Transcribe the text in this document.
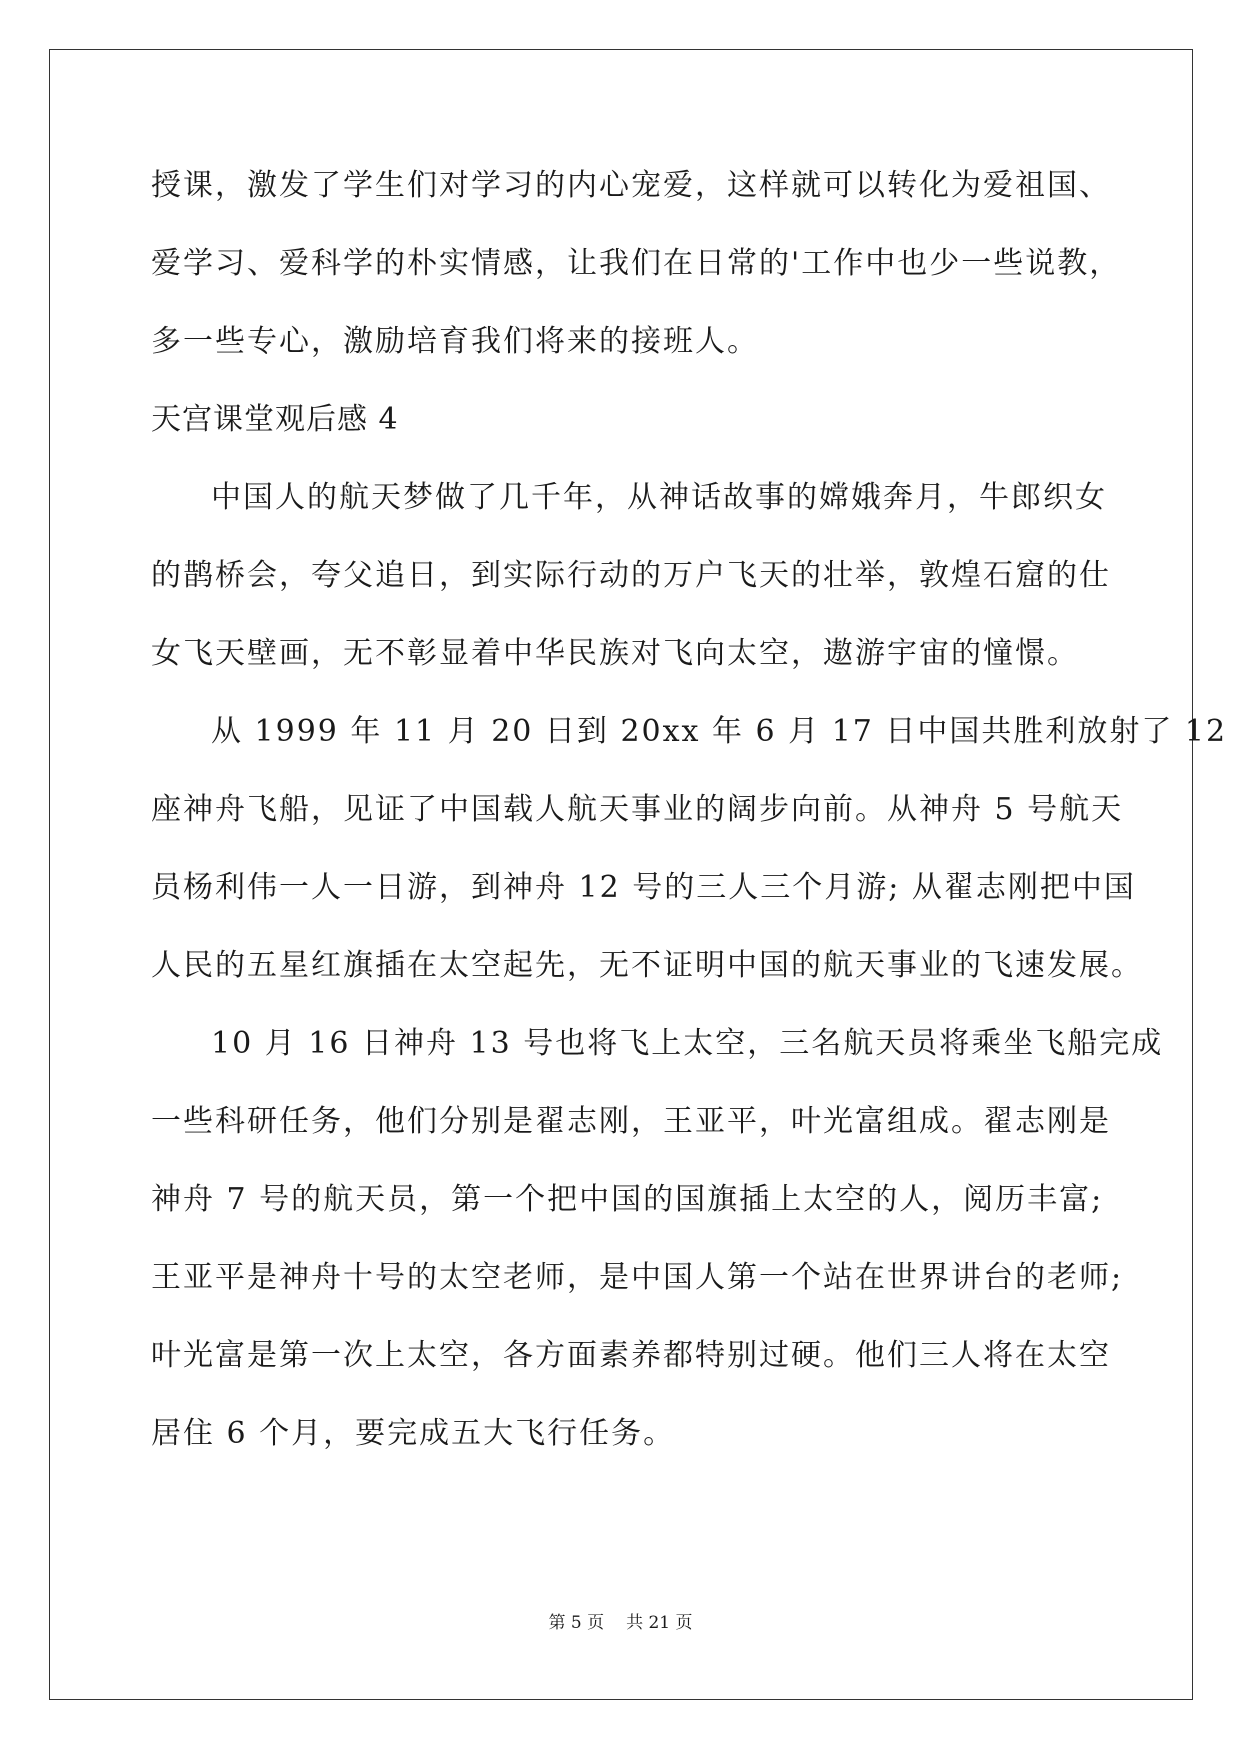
授课，激发了学生们对学习的内心宠爱，这样就可以转化为爱祖国、
爱学习、爱科学的朴实情感，让我们在日常的'工作中也少一些说教，
多一些专心，激励培育我们将来的接班人。
天宫课堂观后感 4
中国人的航天梦做了几千年，从神话故事的嫦娥奔月，牛郎织女
的鹊桥会，夸父追日，到实际行动的万户飞天的壮举，敦煌石窟的仕
女飞天壁画，无不彰显着中华民族对飞向太空，遨游宇宙的憧憬。
从 1999 年 11 月 20 日到 20xx 年 6 月 17 日中国共胜利放射了 12
座神舟飞船，见证了中国载人航天事业的阔步向前。从神舟 5 号航天
员杨利伟一人一日游，到神舟 12 号的三人三个月游; 从翟志刚把中国
人民的五星红旗插在太空起先，无不证明中国的航天事业的飞速发展。
10 月 16 日神舟 13 号也将飞上太空，三名航天员将乘坐飞船完成
一些科研任务，他们分别是翟志刚，王亚平，叶光富组成。翟志刚是
神舟 7 号的航天员，第一个把中国的国旗插上太空的人，阅历丰富;
王亚平是神舟十号的太空老师，是中国人第一个站在世界讲台的老师;
叶光富是第一次上太空，各方面素养都特别过硬。他们三人将在太空
居住 6 个月，要完成五大飞行任务。
第 5 页 共 21 页
